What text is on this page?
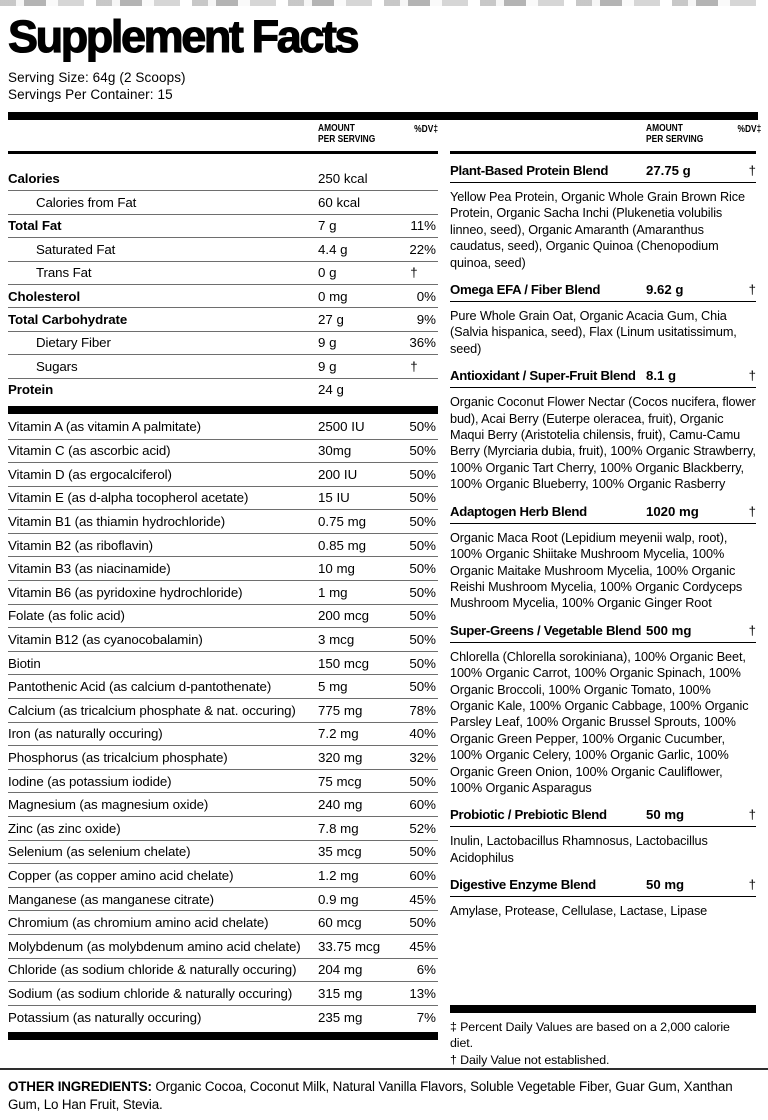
Supplement Facts
Serving Size: 64g (2 Scoops)
Servings Per Container: 15
AMOUNT
PER SERVING
%DV‡
Calories	250 kcal
Calories from Fat	60 kcal
Total Fat	7 g	11%
Saturated Fat	4.4 g	22%
Trans Fat	0 g	†
Cholesterol	0 mg	0%
Total Carbohydrate	27 g	9%
Dietary Fiber	9 g	36%
Sugars	9 g	†
Protein	24 g
Vitamin A (as vitamin A palmitate)	2500 IU	50%
Vitamin C (as ascorbic acid)	30mg	50%
Vitamin D (as ergocalciferol)	200 IU	50%
Vitamin E (as d-alpha tocopherol acetate)	15 IU	50%
Vitamin B1 (as thiamin hydrochloride)	0.75 mg	50%
Vitamin B2 (as riboflavin)	0.85 mg	50%
Vitamin B3 (as niacinamide)	10 mg	50%
Vitamin B6 (as pyridoxine hydrochloride)	1 mg	50%
Folate (as folic acid)	200 mcg	50%
Vitamin B12 (as cyanocobalamin)	3 mcg	50%
Biotin	150 mcg	50%
Pantothenic Acid (as calcium d-pantothenate)	5 mg	50%
Calcium (as tricalcium phosphate & nat. occuring)	775 mg	78%
Iron (as naturally occuring)	7.2 mg	40%
Phosphorus (as tricalcium phosphate)	320 mg	32%
Iodine (as potassium iodide)	75 mcg	50%
Magnesium (as magnesium oxide)	240 mg	60%
Zinc (as zinc oxide)	7.8 mg	52%
Selenium (as selenium chelate)	35 mcg	50%
Copper (as copper amino acid chelate)	1.2 mg	60%
Manganese (as manganese citrate)	0.9 mg	45%
Chromium (as chromium amino acid chelate)	60 mcg	50%
Molybdenum (as molybdenum amino acid chelate)	33.75 mcg	45%
Chloride (as sodium chloride & naturally occuring)	204 mg	6%
Sodium (as sodium chloride & naturally occuring)	315 mg	13%
Potassium (as naturally occuring)	235 mg	7%
AMOUNT
PER SERVING
%DV‡
Plant-Based Protein Blend	27.75 g	†
Yellow Pea Protein, Organic Whole Grain Brown Rice Protein, Organic Sacha Inchi (Plukenetia volubilis linneo, seed), Organic Amaranth (Amaranthus caudatus, seed), Organic Quinoa (Chenopodium quinoa, seed)
Omega EFA / Fiber Blend	9.62 g	†
Pure Whole Grain Oat, Organic Acacia Gum, Chia (Salvia hispanica, seed), Flax (Linum usitatissimum, seed)
Antioxidant / Super-Fruit Blend 8.1 g	†
Organic Coconut Flower Nectar (Cocos nucifera, flower bud), Acai Berry (Euterpe oleracea, fruit), Organic Maqui Berry (Aristotelia chilensis, fruit), Camu-Camu Berry (Myrciaria dubia, fruit), 100% Organic Strawberry, 100% Organic Tart Cherry, 100% Organic Blackberry, 100% Organic Blueberry, 100% Organic Rasberry
Adaptogen Herb Blend	1020 mg	†
Organic Maca Root (Lepidium meyenii walp, root), 100% Organic Shiitake Mushroom Mycelia, 100% Organic Maitake Mushroom Mycelia, 100% Organic Reishi Mushroom Mycelia, 100% Organic Cordyceps Mushroom Mycelia, 100% Organic Ginger Root
Super-Greens / Vegetable Blend 500 mg	†
Chlorella (Chlorella sorokiniana), 100% Organic Beet, 100% Organic Carrot, 100% Organic Spinach, 100% Organic Broccoli, 100% Organic Tomato, 100% Organic Kale, 100% Organic Cabbage, 100% Organic Parsley Leaf, 100% Organic Brussel Sprouts, 100% Organic Green Pepper, 100% Organic Cucumber, 100% Organic Celery, 100% Organic Garlic, 100% Organic Green Onion, 100% Organic Cauliflower, 100% Organic Asparagus
Probiotic / Prebiotic Blend	50 mg	†
Inulin, Lactobacillus Rhamnosus, Lactobacillus Acidophilus
Digestive Enzyme Blend	50 mg	†
Amylase, Protease, Cellulase, Lactase, Lipase
‡ Percent Daily Values are based on a 2,000 calorie diet.
† Daily Value not established.
OTHER INGREDIENTS: Organic Cocoa, Coconut Milk, Natural Vanilla Flavors, Soluble Vegetable Fiber, Guar Gum, Xanthan Gum, Lo Han Fruit, Stevia.
